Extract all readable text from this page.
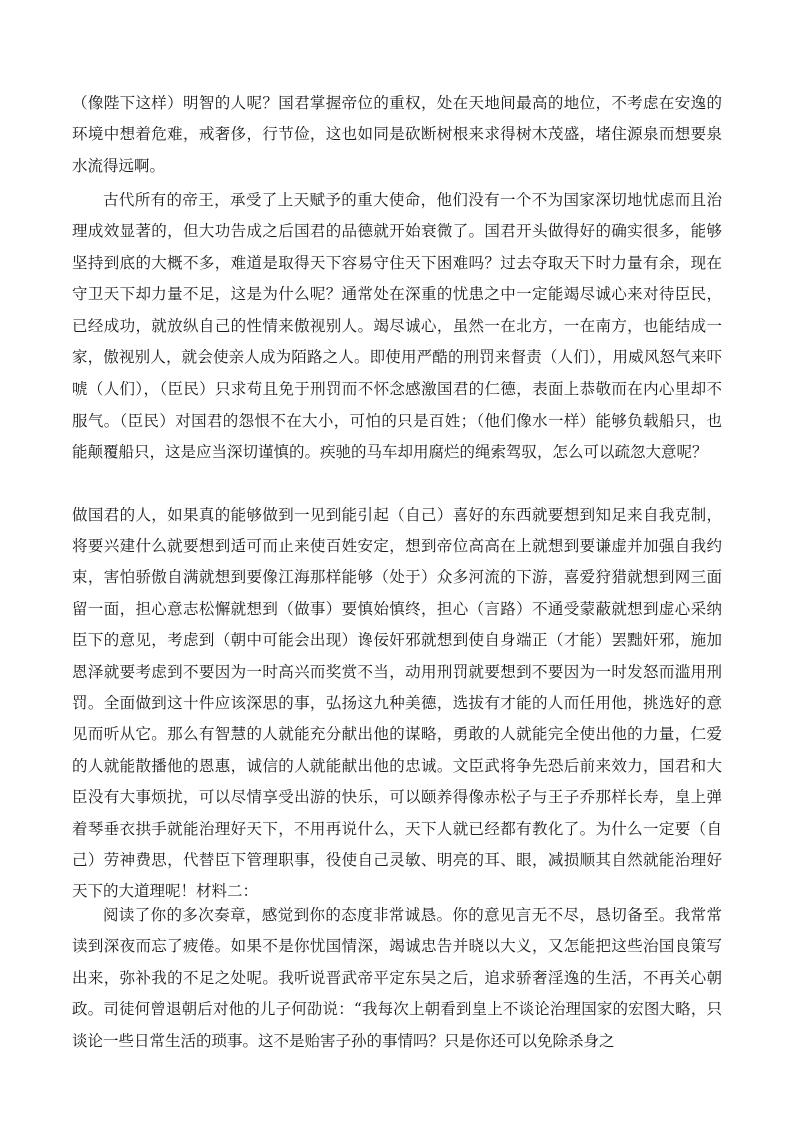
（像陛下这样）明智的人呢？国君掌握帝位的重权，处在天地间最高的地位，不考虑在安逸的环境中想着危难，戒奢侈，行节俭，这也如同是砍断树根来求得树木茂盛，堵住源泉而想要泉水流得远啊。

古代所有的帝王，承受了上天赋予的重大使命，他们没有一个不为国家深切地忧虑而且治理成效显著的，但大功告成之后国君的品德就开始衰微了。国君开头做得好的确实很多，能够坚持到底的大概不多，难道是取得天下容易守住天下困难吗？过去夺取天下时力量有余，现在守卫天下却力量不足，这是为什么呢？通常处在深重的忧患之中一定能竭尽诚心来对待臣民，已经成功，就放纵自己的性情来傲视别人。竭尽诚心，虽然一在北方，一在南方，也能结成一家，傲视别人，就会使亲人成为陌路之人。即使用严酷的刑罚来督责（人们），用威风怒气来吓唬（人们），（臣民）只求苟且免于刑罚而不怀念感激国君的仁德，表面上恭敬而在内心里却不服气。（臣民）对国君的怨恨不在大小，可怕的只是百姓；（他们像水一样）能够负载船只，也能颠覆船只，这是应当深切谨慎的。疾驰的马车却用腐烂的绳索驾驭，怎么可以疏忽大意呢？

做国君的人，如果真的能够做到一见到能引起（自己）喜好的东西就要想到知足来自我克制，将要兴建什么就要想到适可而止来使百姓安定，想到帝位高高在上就想到要谦虚并加强自我约束，害怕骄傲自满就想到要像江海那样能够（处于）众多河流的下游，喜爱狩猎就想到网三面留一面，担心意志松懈就想到（做事）要慎始慎终，担心（言路）不通受蒙蔽就想到虚心采纳臣下的意见，考虑到（朝中可能会出现）谗佞奸邪就想到使自身端正（才能）罢黜奸邪，施加恩泽就要考虑到不要因为一时高兴而奖赏不当，动用刑罚就要想到不要因为一时发怒而滥用刑罚。全面做到这十件应该深思的事，弘扬这九种美德，选拔有才能的人而任用他，挑选好的意见而听从它。那么有智慧的人就能充分献出他的谋略，勇敢的人就能完全使出他的力量，仁爱的人就能散播他的恩惠，诚信的人就能献出他的忠诚。文臣武将争先恐后前来效力，国君和大臣没有大事烦扰，可以尽情享受出游的快乐，可以颐养得像赤松子与王子乔那样长寿，皇上弹着琴垂衣拱手就能治理好天下，不用再说什么，天下人就已经都有教化了。为什么一定要（自己）劳神费思，代替臣下管理职事，役使自己灵敏、明亮的耳、眼，减损顺其自然就能治理好天下的大道理呢！材料二：

阅读了你的多次奏章，感觉到你的态度非常诚恳。你的意见言无不尽，恳切备至。我常常读到深夜而忘了疲倦。如果不是你忧国情深，竭诚忠告并晓以大义，又怎能把这些治国良策写出来，弥补我的不足之处呢。我听说晋武帝平定东吴之后，追求骄奢淫逸的生活，不再关心朝政。司徒何曾退朝后对他的儿子何劭说：“我每次上朝看到皇上不谈论治理国家的宏图大略，只谈论一些日常生活的琐事。这不是贻害子孙的事情吗？只是你还可以免除杀身之
